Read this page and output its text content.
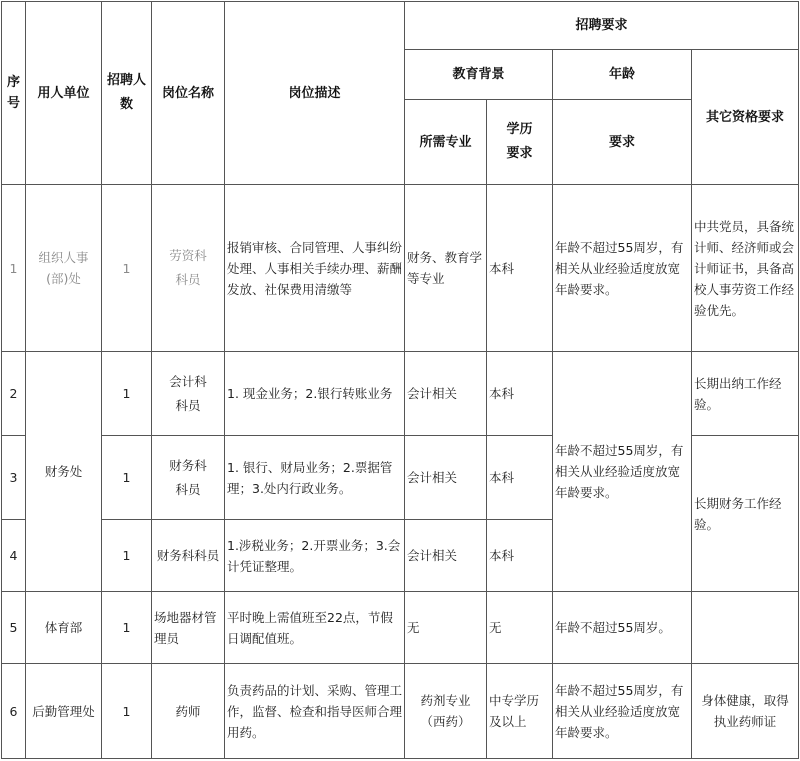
序号	用人单位	招聘人数	岗位名称	岗位描述	招聘要求			
					教育背景		年龄	其它资格要求
					所需专业	学历要求	要求	
1	组织人事(部)处	1	劳资科科员	报销审核、合同管理、人事纠纷处理、人事相关手续办理、薪酬发放、社保费用清缴等	财务、教育学等专业	本科	年龄不超过55周岁，有相关从业经验适度放宽年龄要求。	中共党员，具备统计师、经济师或会计师证书，具备高校人事劳资工作经验优先。
2	财务处	1	会计科科员	1. 现金业务；2.银行转账业务	会计相关	本科	年龄不超过55周岁，有相关从业经验适度放宽年龄要求。	长期出纳工作经验。
3		1	财务科科员	1. 银行、财局业务；2.票据管理；3.处内行政业务。	会计相关	本科		长期财务工作经验。
4		1	财务科科员	1.涉税业务；2.开票业务；3.会计凭证整理。	会计相关	本科		
5	体育部	1	场地器材管理员	平时晚上需值班至22点，节假日调配值班。	无	无	年龄不超过55周岁。	
6	后勤管理处	1	药师	负责药品的计划、采购、管理工作，监督、检查和指导医师合理用药。	药剂专业（西药）	中专学历及以上	年龄不超过55周岁，有相关从业经验适度放宽年龄要求。	身体健康，取得执业药师证
